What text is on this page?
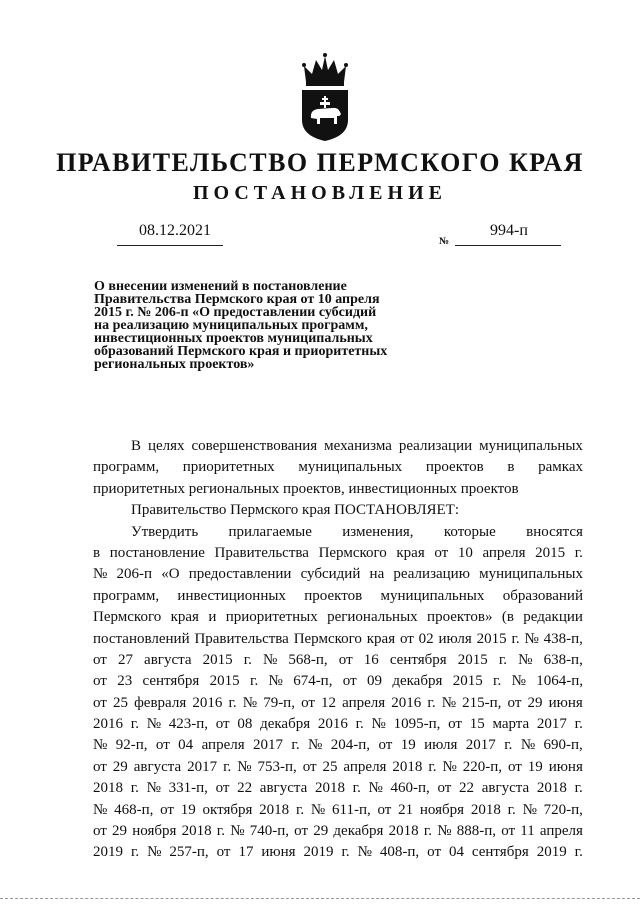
ПРАВИТЕЛЬСТВО ПЕРМСКОГО КРАЯ
ПОСТАНОВЛЕНИЕ
08.12.2021
№
994-п
О внесении изменений в постановление
Правительства Пермского края от 10 апреля
2015 г. № 206-п «О предоставлении субсидий
на реализацию муниципальных программ,
инвестиционных проектов муниципальных
образований Пермского края и приоритетных
региональных проектов»
В целях совершенствования механизма реализации муниципальных
программ, приоритетных муниципальных проектов в рамках
приоритетных региональных проектов, инвестиционных проектов
Правительство Пермского края ПОСТАНОВЛЯЕТ:
Утвердить прилагаемые изменения, которые вносятся
в постановление Правительства Пермского края от 10 апреля 2015 г.
№ 206-п «О предоставлении субсидий на реализацию муниципальных
программ, инвестиционных проектов муниципальных образований
Пермского края и приоритетных региональных проектов» (в редакции
постановлений Правительства Пермского края от 02 июля 2015 г. № 438-п,
от 27 августа 2015 г. № 568-п, от 16 сентября 2015 г. № 638-п,
от 23 сентября 2015 г. № 674-п, от 09 декабря 2015 г. № 1064-п,
от 25 февраля 2016 г. № 79-п, от 12 апреля 2016 г. № 215-п, от 29 июня
2016 г. № 423-п, от 08 декабря 2016 г. № 1095-п, от 15 марта 2017 г.
№ 92-п, от 04 апреля 2017 г. № 204-п, от 19 июля 2017 г. № 690-п,
от 29 августа 2017 г. № 753-п, от 25 апреля 2018 г. № 220-п, от 19 июня
2018 г. № 331-п, от 22 августа 2018 г. № 460-п, от 22 августа 2018 г.
№ 468-п, от 19 октября 2018 г. № 611-п, от 21 ноября 2018 г. № 720-п,
от 29 ноября 2018 г. № 740-п, от 29 декабря 2018 г. № 888-п, от 11 апреля
2019 г. № 257-п, от 17 июня 2019 г. № 408-п, от 04 сентября 2019 г.
